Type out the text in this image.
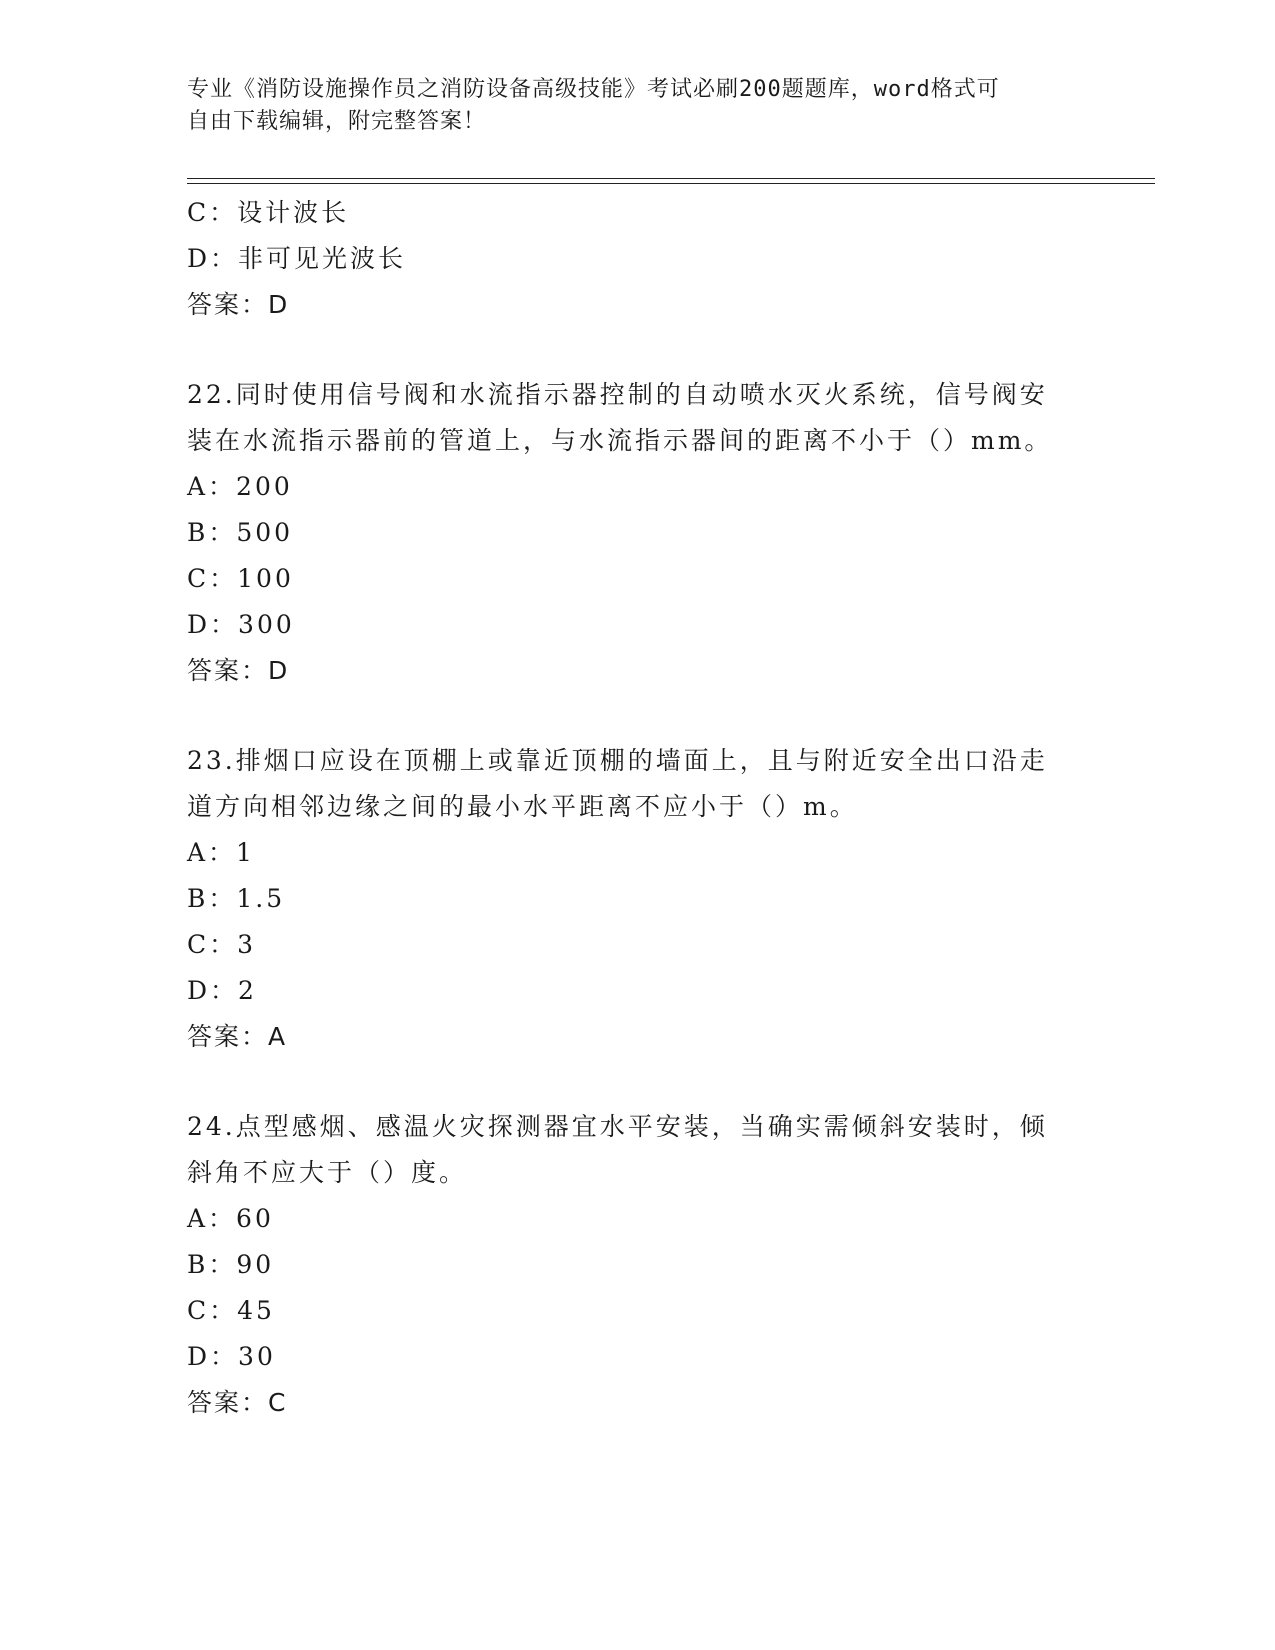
专业《消防设施操作员之消防设备高级技能》考试必刷200题题库，word格式可
自由下载编辑，附完整答案！
C：设计波长
D：非可见光波长
答案：D
22.同时使用信号阀和水流指示器控制的自动喷水灭火系统，信号阀安
装在水流指示器前的管道上，与水流指示器间的距离不小于（）mm。
A：200
B：500
C：100
D：300
答案：D
23.排烟口应设在顶棚上或靠近顶棚的墙面上，且与附近安全出口沿走
道方向相邻边缘之间的最小水平距离不应小于（）m。
A：1
B：1.5
C：3
D：2
答案：A
24.点型感烟、感温火灾探测器宜水平安装，当确实需倾斜安装时，倾
斜角不应大于（）度。
A：60
B：90
C：45
D：30
答案：C
